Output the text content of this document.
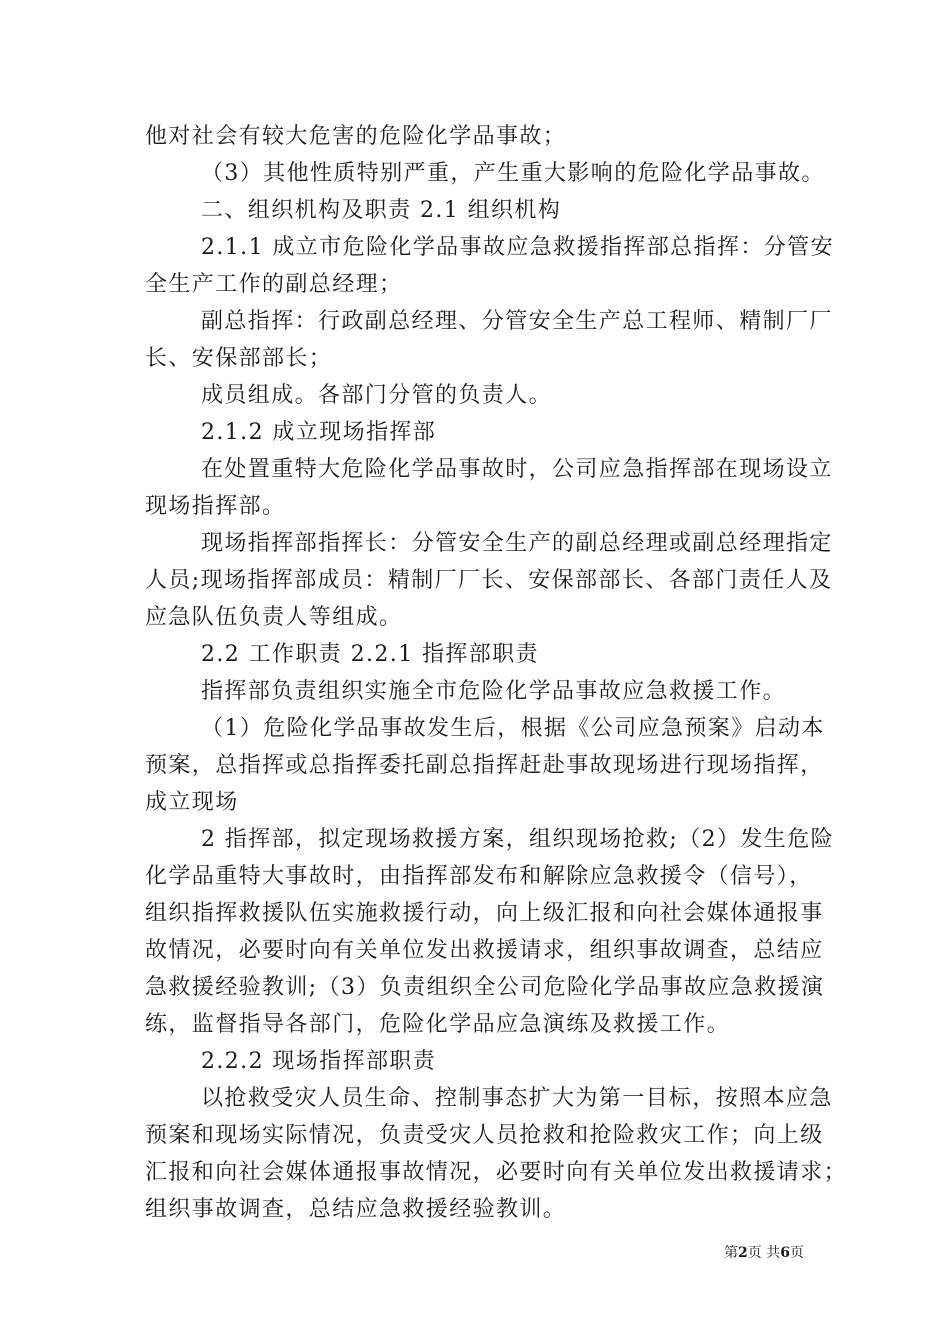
他对社会有较大危害的危险化学品事故；
（3）其他性质特别严重，产生重大影响的危险化学品事故。
二、组织机构及职责 2.1 组织机构
2.1.1 成立市危险化学品事故应急救援指挥部总指挥：分管安
全生产工作的副总经理；
副总指挥：行政副总经理、分管安全生产总工程师、精制厂厂
长、安保部部长；
成员组成。各部门分管的负责人。
2.1.2 成立现场指挥部
在处置重特大危险化学品事故时，公司应急指挥部在现场设立
现场指挥部。
现场指挥部指挥长：分管安全生产的副总经理或副总经理指定
人员;现场指挥部成员：精制厂厂长、安保部部长、各部门责任人及
应急队伍负责人等组成。
2.2 工作职责 2.2.1 指挥部职责
指挥部负责组织实施全市危险化学品事故应急救援工作。
（1）危险化学品事故发生后，根据《公司应急预案》启动本
预案，总指挥或总指挥委托副总指挥赶赴事故现场进行现场指挥，
成立现场
2 指挥部，拟定现场救援方案，组织现场抢救;（2）发生危险
化学品重特大事故时，由指挥部发布和解除应急救援令（信号），
组织指挥救援队伍实施救援行动，向上级汇报和向社会媒体通报事
故情况，必要时向有关单位发出救援请求，组织事故调查，总结应
急救援经验教训;（3）负责组织全公司危险化学品事故应急救援演
练，监督指导各部门，危险化学品应急演练及救援工作。
2.2.2 现场指挥部职责
以抢救受灾人员生命、控制事态扩大为第一目标，按照本应急
预案和现场实际情况，负责受灾人员抢救和抢险救灾工作；向上级
汇报和向社会媒体通报事故情况，必要时向有关单位发出救援请求；
组织事故调查，总结应急救援经验教训。
第2页 共6页
